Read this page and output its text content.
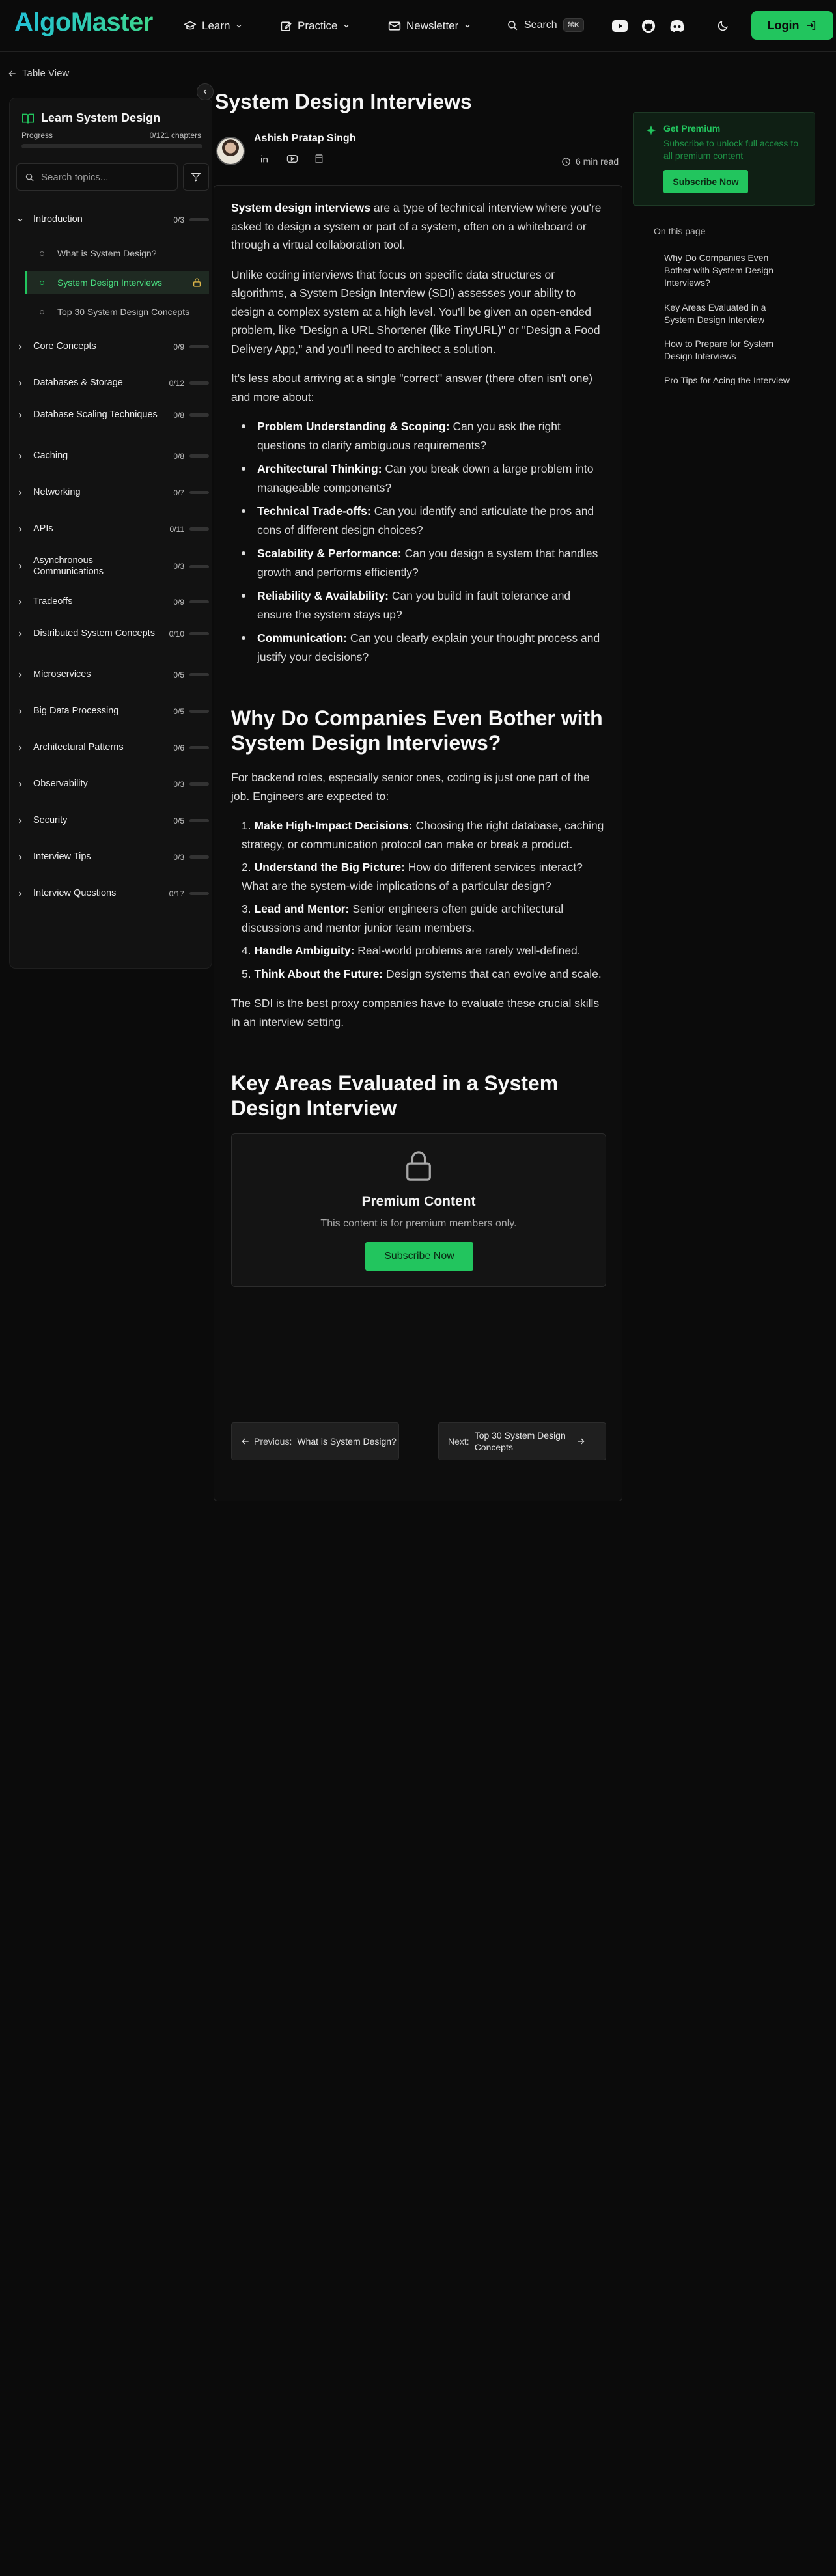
AlgoMaster	Learn	Practice	Newsletter	Search	⌘K	Login
Table View
Learn System Design
Progress	0/121 chapters
Search topics...
Introduction	0/3
What is System Design?
System Design Interviews
Top 30 System Design Concepts
Core Concepts	0/9
Databases & Storage	0/12
Database Scaling Techniques	0/8
Caching	0/8
Networking	0/7
APIs	0/11
Asynchronous Communications	0/3
Tradeoffs	0/9
Distributed System Concepts	0/10
Microservices	0/5
Big Data Processing	0/5
Architectural Patterns	0/6
Observability	0/3
Security	0/5
Interview Tips	0/3
Interview Questions	0/17
System Design Interviews
Ashish Pratap Singh
6 min read

System design interviews are a type of technical interview where you're asked to design a system or part of a system, often on a whiteboard or through a virtual collaboration tool.

Unlike coding interviews that focus on specific data structures or algorithms, a System Design Interview (SDI) assesses your ability to design a complex system at a high level. You'll be given an open-ended problem, like "Design a URL Shortener (like TinyURL)" or "Design a Food Delivery App," and you'll need to architect a solution.

It's less about arriving at a single "correct" answer (there often isn't one) and more about:

Problem Understanding & Scoping: Can you ask the right questions to clarify ambiguous requirements?
Architectural Thinking: Can you break down a large problem into manageable components?
Technical Trade-offs: Can you identify and articulate the pros and cons of different design choices?
Scalability & Performance: Can you design a system that handles growth and performs efficiently?
Reliability & Availability: Can you build in fault tolerance and ensure the system stays up?
Communication: Can you clearly explain your thought process and justify your decisions?
Why Do Companies Even Bother with System Design Interviews?

For backend roles, especially senior ones, coding is just one part of the job. Engineers are expected to:

1. Make High-Impact Decisions: Choosing the right database, caching strategy, or communication protocol can make or break a product.
2. Understand the Big Picture: How do different services interact? What are the system-wide implications of a particular design?
3. Lead and Mentor: Senior engineers often guide architectural discussions and mentor junior team members.
4. Handle Ambiguity: Real-world problems are rarely well-defined.
5. Think About the Future: Design systems that can evolve and scale.

The SDI is the best proxy companies have to evaluate these crucial skills in an interview setting.

Key Areas Evaluated in a System Design Interview
Premium Content
This content is for premium members only.
Subscribe Now
Previous: What is System Design?	Next:
Top 30 System Design Concepts
Get Premium
Subscribe to unlock full access to all premium content
Subscribe Now
On this page
Why Do Companies Even Bother with System Design Interviews?
Key Areas Evaluated in a System Design Interview
How to Prepare for System Design Interviews
Pro Tips for Acing the Interview
